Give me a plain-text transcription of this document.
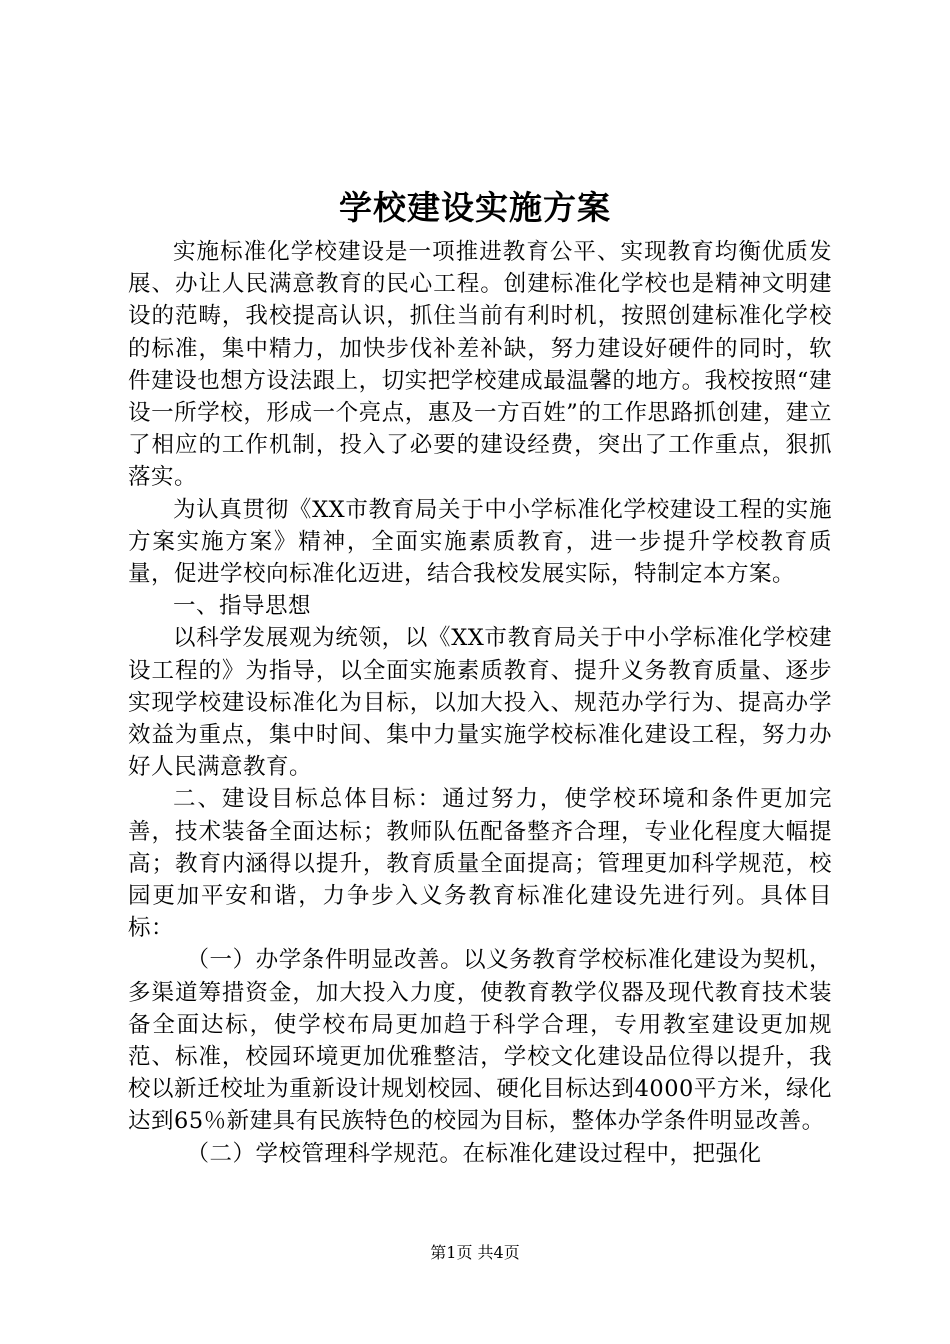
学校建设实施方案

实施标准化学校建设是一项推进教育公平、实现教育均衡优质发展、办让人民满意教育的民心工程。创建标准化学校也是精神文明建设的范畴，我校提高认识，抓住当前有利时机，按照创建标准化学校的标准，集中精力，加快步伐补差补缺，努力建设好硬件的同时，软件建设也想方设法跟上，切实把学校建成最温馨的地方。我校按照“建设一所学校，形成一个亮点，惠及一方百姓”的工作思路抓创建，建立了相应的工作机制，投入了必要的建设经费，突出了工作重点，狠抓落实。

为认真贯彻《XX市教育局关于中小学标准化学校建设工程的实施方案实施方案》精神，全面实施素质教育，进一步提升学校教育质量，促进学校向标准化迈进，结合我校发展实际，特制定本方案。

一、指导思想

以科学发展观为统领，以《XX市教育局关于中小学标准化学校建设工程的》为指导，以全面实施素质教育、提升义务教育质量、逐步实现学校建设标准化为目标，以加大投入、规范办学行为、提高办学效益为重点，集中时间、集中力量实施学校标准化建设工程，努力办好人民满意教育。

二、建设目标总体目标：通过努力，使学校环境和条件更加完善，技术装备全面达标；教师队伍配备整齐合理，专业化程度大幅提高；教育内涵得以提升，教育质量全面提高；管理更加科学规范，校园更加平安和谐，力争步入义务教育标准化建设先进行列。具体目标：

（一）办学条件明显改善。以义务教育学校标准化建设为契机，多渠道筹措资金，加大投入力度，使教育教学仪器及现代教育技术装备全面达标，使学校布局更加趋于科学合理，专用教室建设更加规范、标准，校园环境更加优雅整洁，学校文化建设品位得以提升，我校以新迁校址为重新设计规划校园、硬化目标达到4000平方米，绿化达到65％新建具有民族特色的校园为目标，整体办学条件明显改善。

（二）学校管理科学规范。在标准化建设过程中，把强化

第1页 共4页
